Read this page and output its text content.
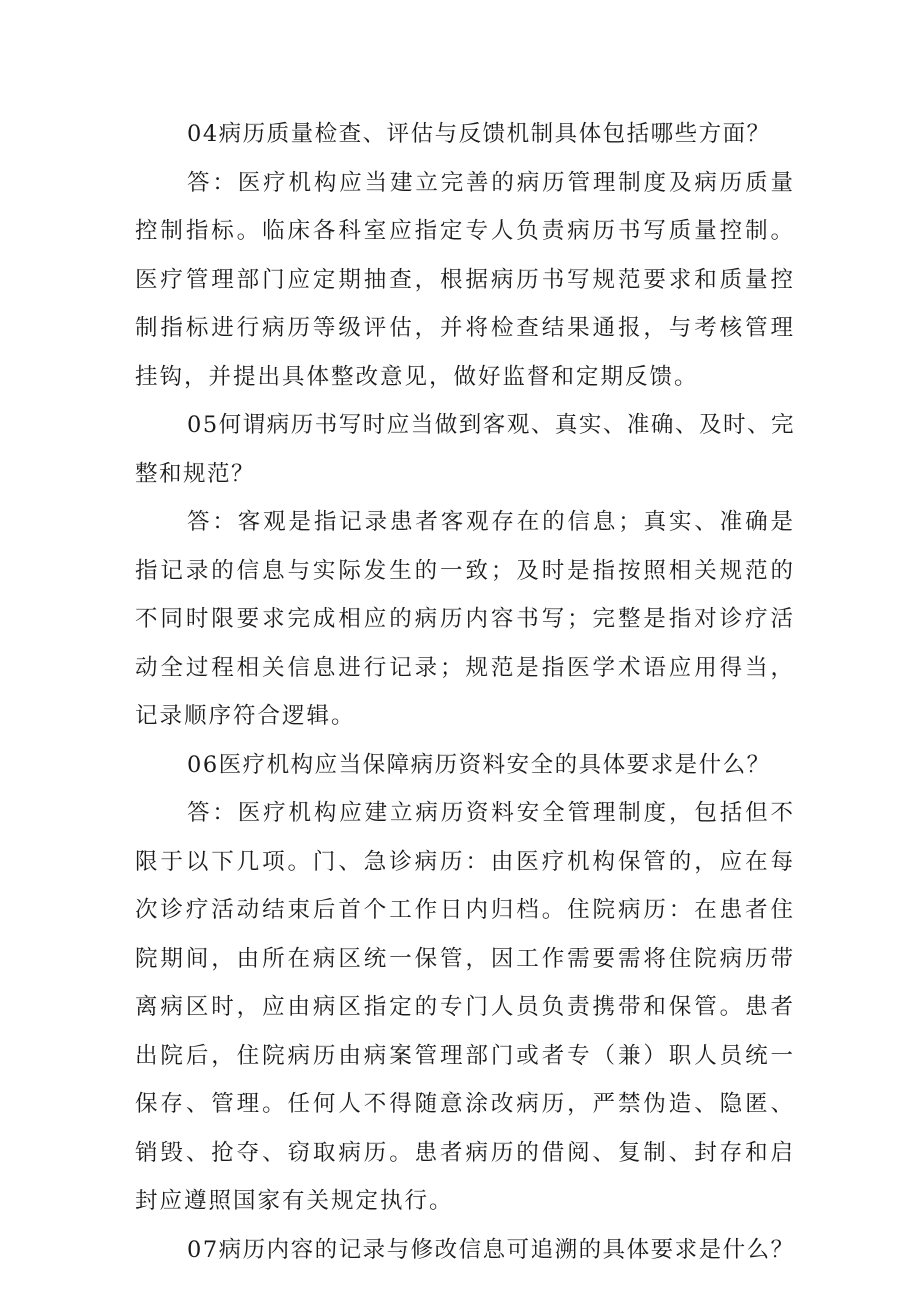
04病历质量检查、评估与反馈机制具体包括哪些方面？

答：医疗机构应当建立完善的病历管理制度及病历质量控制指标。临床各科室应指定专人负责病历书写质量控制。医疗管理部门应定期抽查，根据病历书写规范要求和质量控制指标进行病历等级评估，并将检查结果通报，与考核管理挂钩，并提出具体整改意见，做好监督和定期反馈。

05何谓病历书写时应当做到客观、真实、准确、及时、完整和规范？

答：客观是指记录患者客观存在的信息；真实、准确是指记录的信息与实际发生的一致；及时是指按照相关规范的不同时限要求完成相应的病历内容书写；完整是指对诊疗活动全过程相关信息进行记录；规范是指医学术语应用得当，记录顺序符合逻辑。

06医疗机构应当保障病历资料安全的具体要求是什么？

答：医疗机构应建立病历资料安全管理制度，包括但不限于以下几项。门、急诊病历：由医疗机构保管的，应在每次诊疗活动结束后首个工作日内归档。住院病历：在患者住院期间，由所在病区统一保管，因工作需要需将住院病历带离病区时，应由病区指定的专门人员负责携带和保管。患者出院后，住院病历由病案管理部门或者专（兼）职人员统一保存、管理。任何人不得随意涂改病历，严禁伪造、隐匿、销毁、抢夺、窃取病历。患者病历的借阅、复制、封存和启封应遵照国家有关规定执行。

07病历内容的记录与修改信息可追溯的具体要求是什么？
